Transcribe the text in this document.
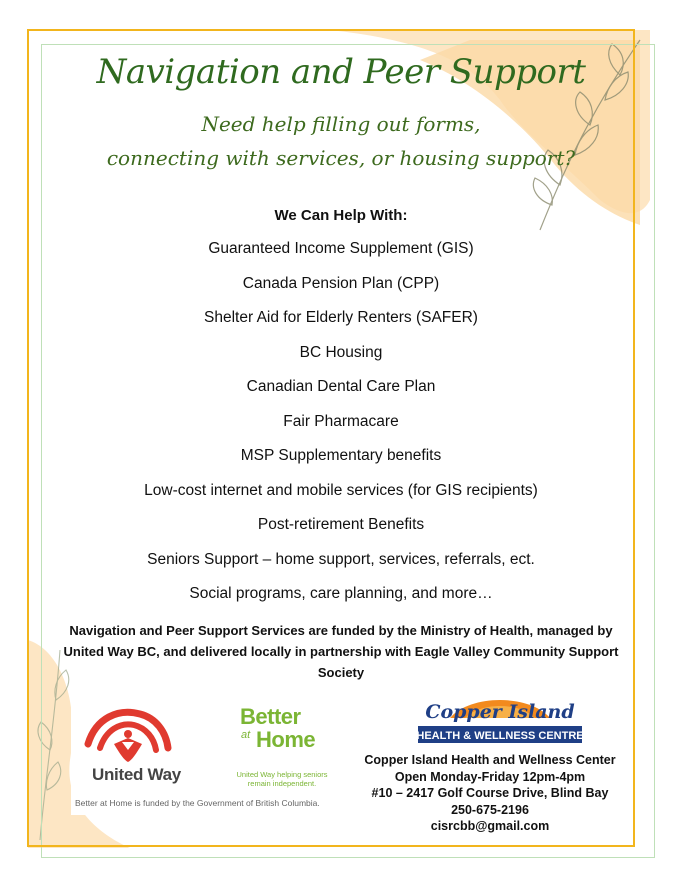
Navigation and Peer Support
Need help filling out forms,
connecting with services, or housing support?
We Can Help With:
Guaranteed Income Supplement (GIS)
Canada Pension Plan (CPP)
Shelter Aid for Elderly Renters (SAFER)
BC Housing
Canadian Dental Care Plan
Fair Pharmacare
MSP Supplementary benefits
Low-cost internet and mobile services (for GIS recipients)
Post-retirement Benefits
Seniors Support – home support, services, referrals, ect.
Social programs, care planning, and more…
Navigation and Peer Support Services are funded by the Ministry of Health, managed by United Way BC, and delivered locally in partnership with Eagle Valley Community Support Society
United Way
Better
at Home
United Way helping seniors remain independent.
Better at Home is funded by the Government of British Columbia.
Copper Island
HEALTH & WELLNESS CENTRE
Copper Island Health and Wellness Center
Open Monday-Friday 12pm-4pm
#10 – 2417 Golf Course Drive, Blind Bay
250-675-2196
cisrcbb@gmail.com
